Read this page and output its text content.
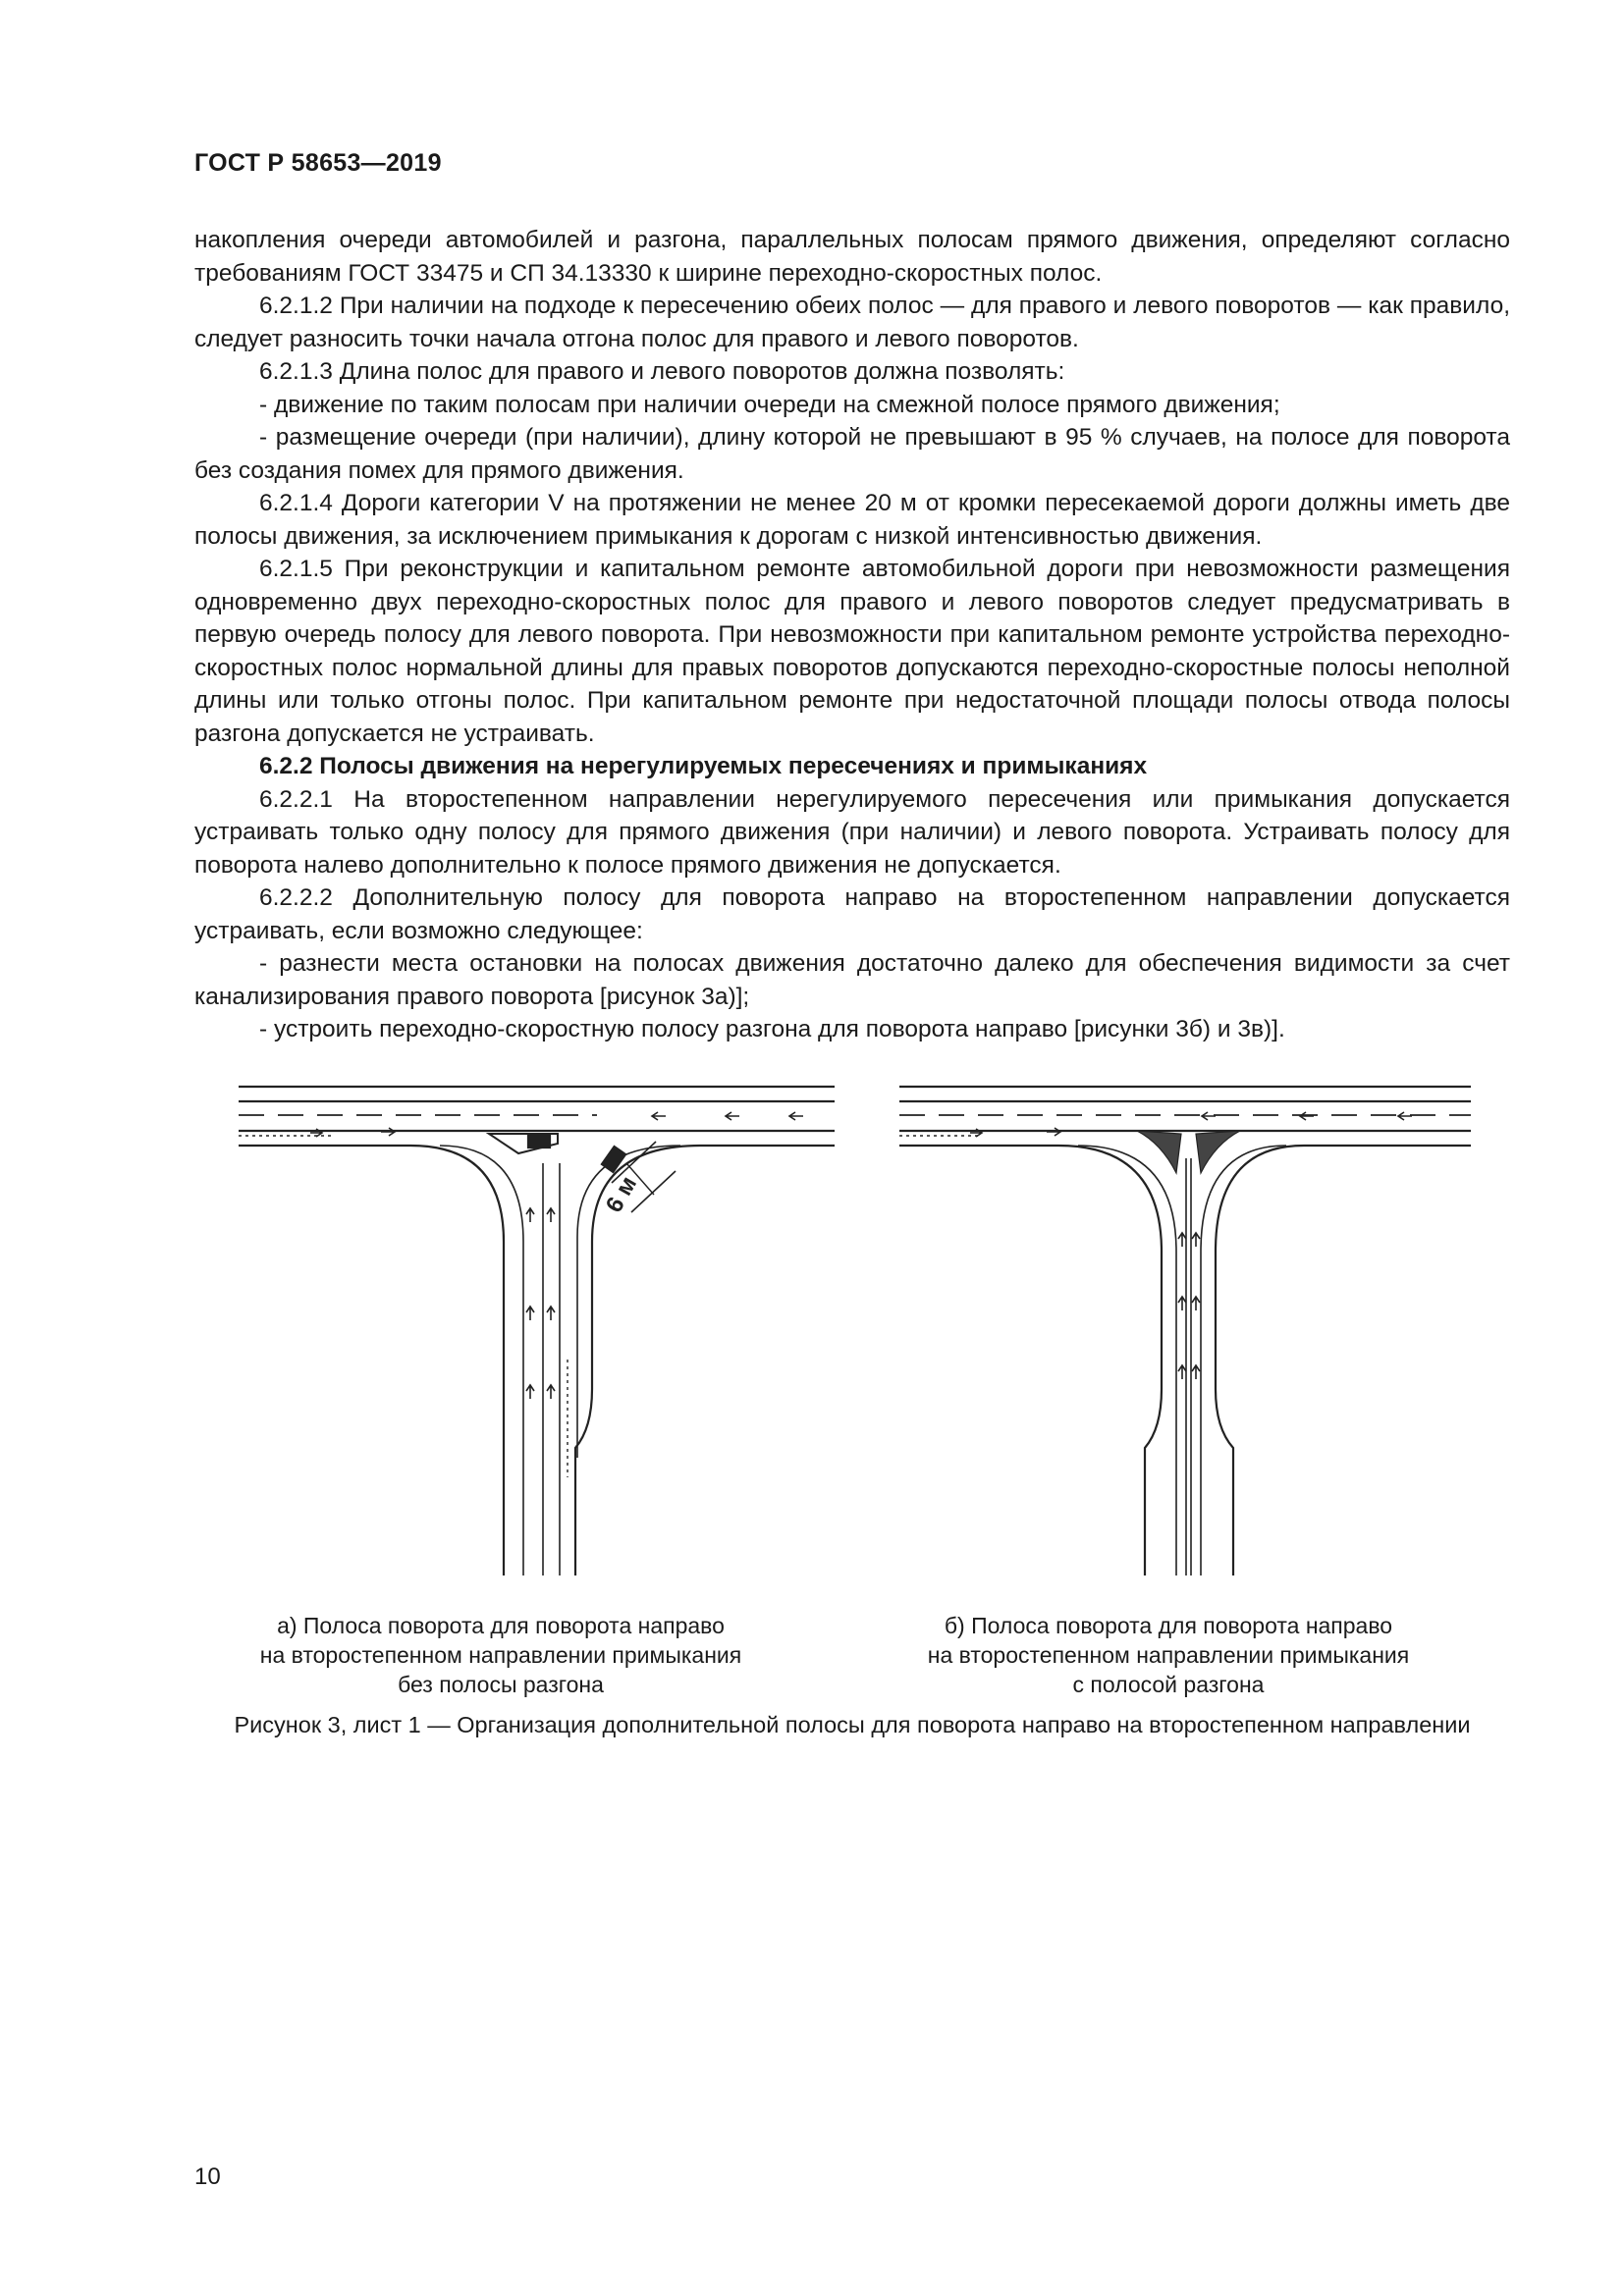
ГОСТ Р 58653—2019

накопления очереди автомобилей и разгона, параллельных полосам прямого движения, определяют согласно требованиям ГОСТ 33475 и СП 34.13330 к ширине переходно-скоростных полос.

6.2.1.2 При наличии на подходе к пересечению обеих полос — для правого и левого поворотов — как правило, следует разносить точки начала отгона полос для правого и левого поворотов.

6.2.1.3 Длина полос для правого и левого поворотов должна позволять:

- движение по таким полосам при наличии очереди на смежной полосе прямого движения;

- размещение очереди (при наличии), длину которой не превышают в 95 % случаев, на полосе для поворота без создания помех для прямого движения.

6.2.1.4 Дороги категории V на протяжении не менее 20 м от кромки пересекаемой дороги должны иметь две полосы движения, за исключением примыкания к дорогам с низкой интенсивностью движения.

6.2.1.5 При реконструкции и капитальном ремонте автомобильной дороги при невозможности размещения одновременно двух переходно-скоростных полос для правого и левого поворотов следует предусматривать в первую очередь полосу для левого поворота. При невозможности при капитальном ремонте устройства переходно-скоростных полос нормальной длины для правых поворотов допускаются переходно-скоростные полосы неполной длины или только отгоны полос. При капитальном ремонте при недостаточной площади полосы отвода полосы разгона допускается не устраивать.

6.2.2 Полосы движения на нерегулируемых пересечениях и примыканиях

6.2.2.1 На второстепенном направлении нерегулируемого пересечения или примыкания допускается устраивать только одну полосу для прямого движения (при наличии) и левого поворота. Устраивать полосу для поворота налево дополнительно к полосе прямого движения не допускается.

6.2.2.2 Дополнительную полосу для поворота направо на второстепенном направлении допускается устраивать, если возможно следующее:

- разнести места остановки на полосах движения достаточно далеко для обеспечения видимости за счет канализирования правого поворота [рисунок 3а)];

- устроить переходно-скоростную полосу разгона для поворота направо [рисунки 3б) и 3в)].

6 м
а) Полоса поворота для поворота направо
на второстепенном направлении примыкания
без полосы разгона
б) Полоса поворота для поворота направо
на второстепенном направлении примыкания
с полосой разгона
Рисунок 3, лист 1 — Организация дополнительной полосы для поворота направо на второстепенном направлении
10
